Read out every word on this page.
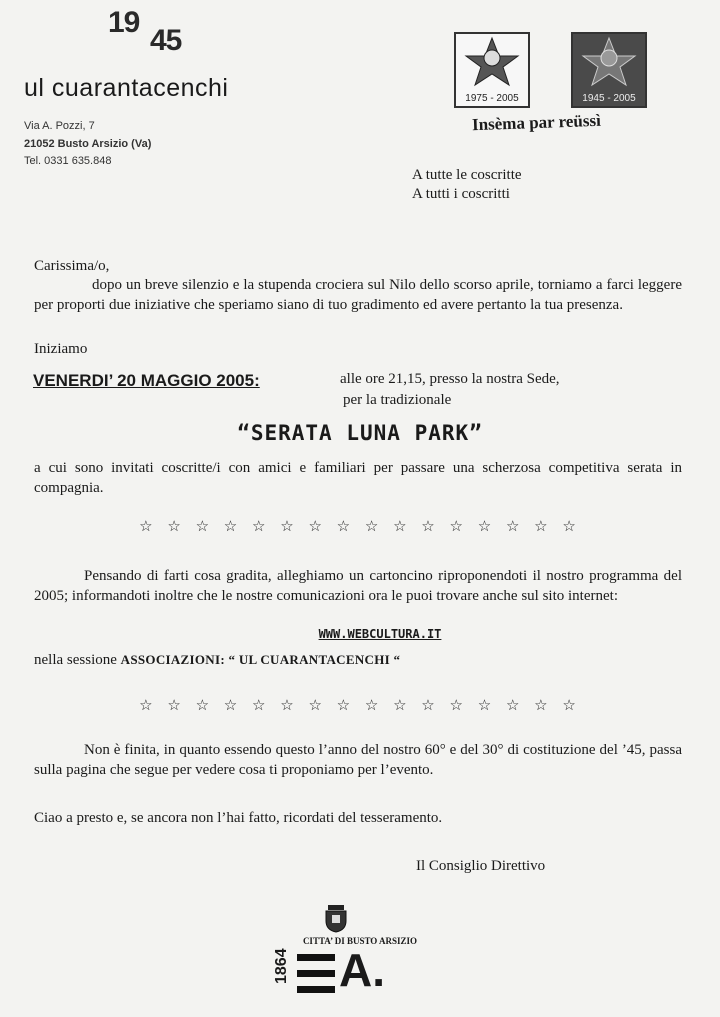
19
45
ul cuarantacenchi
Via A. Pozzi, 7
21052 Busto Arsizio (Va)
Tel. 0331 635.848
1975 - 2005	1945 - 2005
Insèma par reüssì
A tutte le coscritte
A tutti i coscritti
Carissima/o,
dopo un breve silenzio e la stupenda crociera sul Nilo dello scorso aprile, torniamo a farci leggere per proporti due iniziative che speriamo siano di tuo gradimento ed avere pertanto la tua presenza.
Iniziamo
VENERDI’ 20 MAGGIO 2005:	alle ore 21,15, presso la nostra Sede,
per la tradizionale
“SERATA LUNA PARK”
a cui sono invitati coscritte/i con amici e familiari per passare una scherzosa competitiva serata in compagnia.
☆ ☆ ☆ ☆ ☆ ☆ ☆ ☆ ☆ ☆ ☆ ☆ ☆ ☆ ☆ ☆
Pensando di farti cosa gradita, alleghiamo un cartoncino riproponendoti il nostro programma del 2005; informandoti inoltre che le nostre comunicazioni ora le puoi trovare anche sul sito internet:
WWW.WEBCULTURA.IT
nella sessione ASSOCIAZIONI: “ UL CUARANTACENCHI “
☆ ☆ ☆ ☆ ☆ ☆ ☆ ☆ ☆ ☆ ☆ ☆ ☆ ☆ ☆ ☆
Non è finita, in quanto essendo questo l’anno del nostro 60° e del 30° di costituzione del ’45, passa sulla pagina che segue per vedere cosa ti proponiamo per l’evento.
Ciao a presto e, se ancora non l’hai fatto, ricordati del tesseramento.
Il Consiglio Direttivo
CITTA’ DI BUSTO ARSIZIO
1864 A.
